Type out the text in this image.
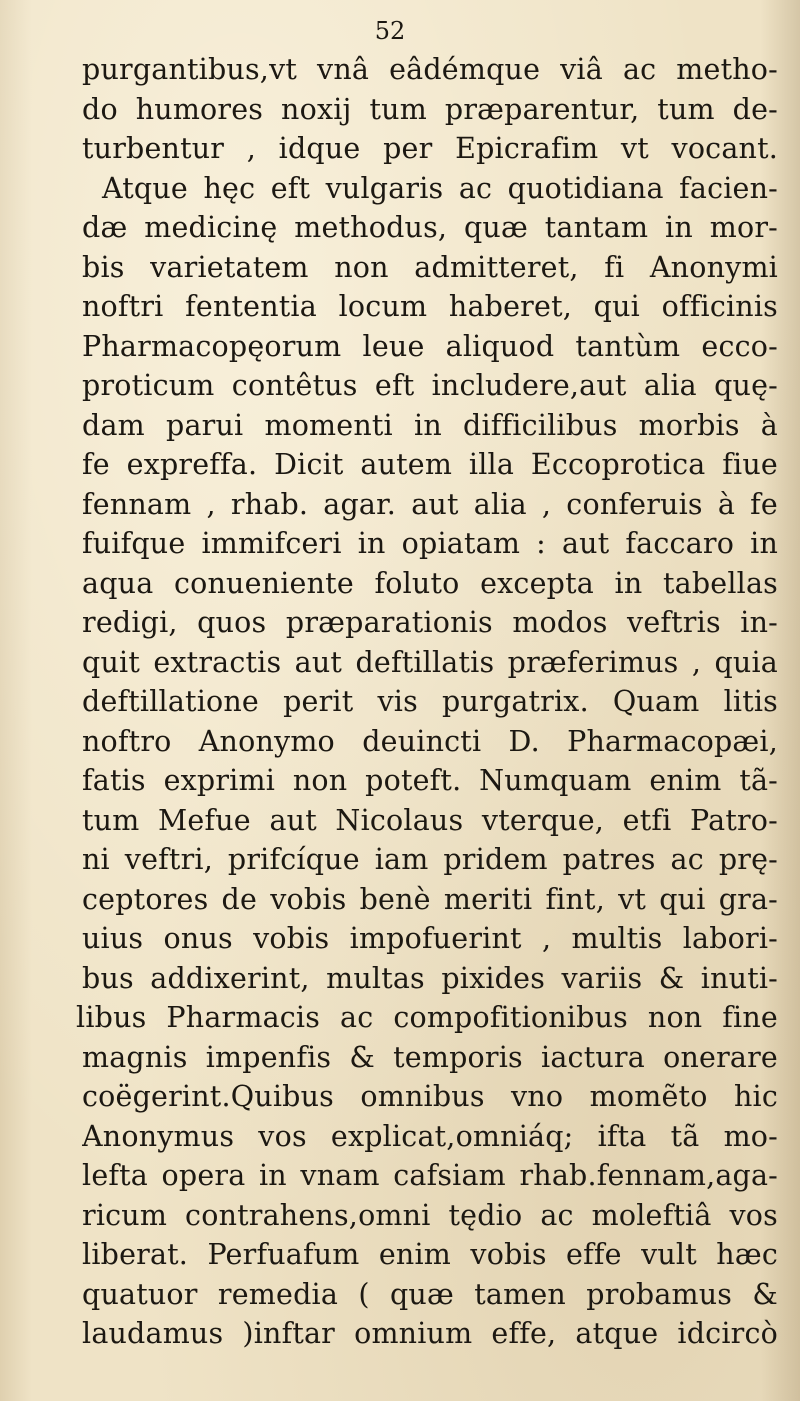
52
purgantibus,vt vnâ eâdémque viâ ac metho-
do humores noxij tum præparentur, tum de-
turbentur , idque per Epicrafim vt vocant.
Atque hęc eft vulgaris ac quotidiana facien-
dæ medicinę methodus, quæ tantam in mor-
bis varietatem non admitteret, fi Anonymi
noftri fententia locum haberet, qui officinis
Pharmacopęorum leue aliquod tantùm ecco-
proticum contêtus eft includere,aut alia quę-
dam parui momenti in difficilibus morbis à
fe expreffa. Dicit autem illa Eccoprotica fiue
fennam , rhab. agar. aut alia , conferuis à fe
fuifque immifceri in opiatam : aut faccaro in
aqua conueniente foluto excepta in tabellas
redigi, quos præparationis modos veftris in-
quit extractis aut deftillatis præferimus , quia
deftillatione perit vis purgatrix. Quam litis
noftro Anonymo deuincti D. Pharmacopæi,
fatis exprimi non poteft. Numquam enim tã-
tum Mefue aut Nicolaus vterque, etfi Patro-
ni veftri, prifcíque iam pridem patres ac prę-
ceptores de vobis benè meriti fint, vt qui gra-
uius onus vobis impofuerint , multis labori-
bus addixerint, multas pixides variis & inuti-
libus Pharmacis ac compofitionibus non fine
magnis impenfis & temporis iactura onerare
coëgerint.Quibus omnibus vno momẽto hic
Anonymus vos explicat,omniáq; ifta tã mo-
lefta opera in vnam cafsiam rhab.fennam,aga-
ricum contrahens,omni tędio ac moleftiâ vos
liberat. Perfuafum enim vobis effe vult hæc
quatuor remedia ( quæ tamen probamus &
laudamus )inftar omnium effe, atque idcircò
